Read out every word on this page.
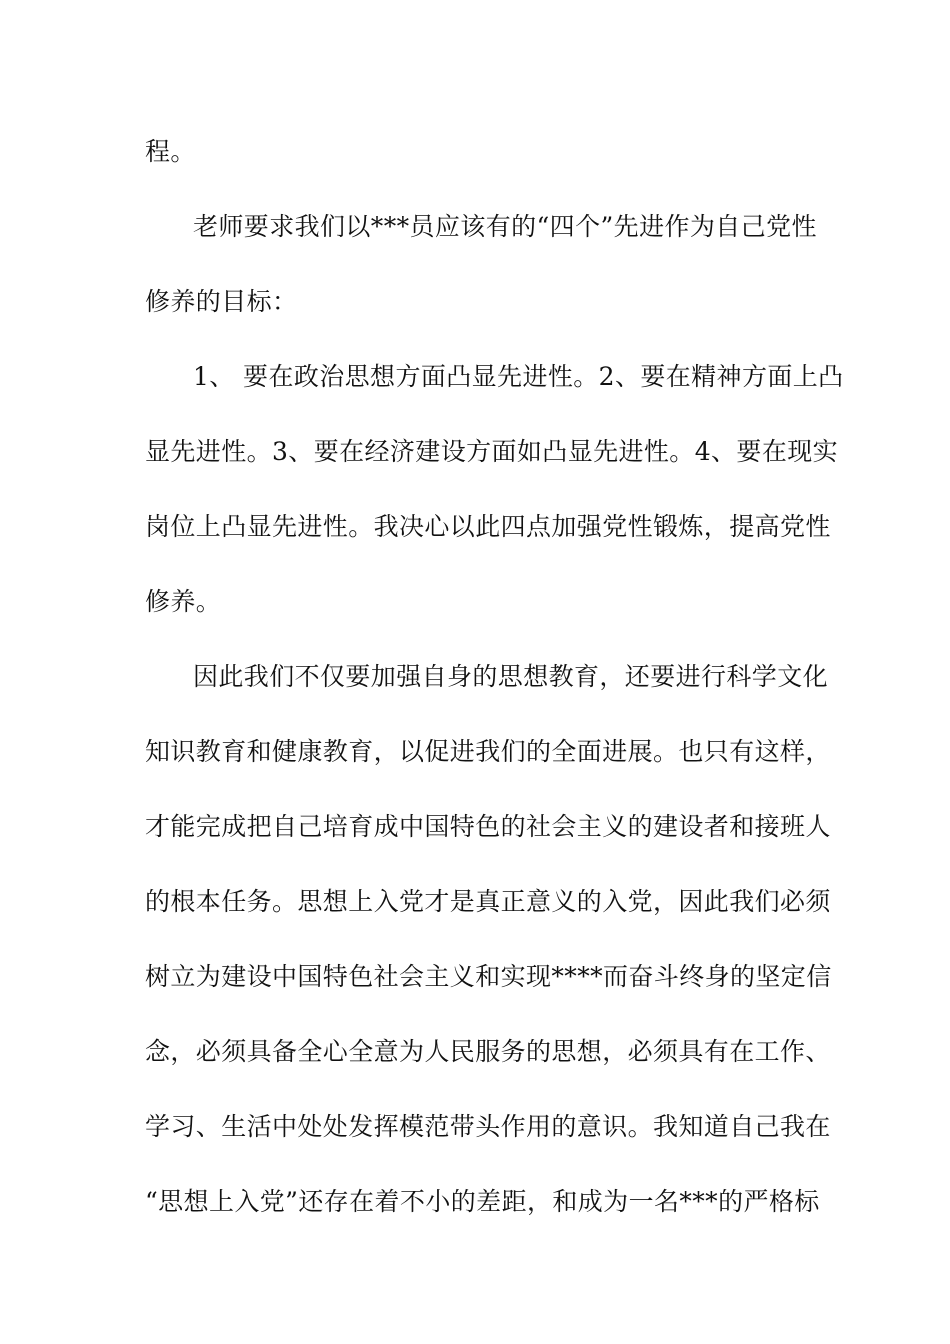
程。
老师要求我们以***员应该有的“四个”先进作为自己党性
修养的目标：
1、 要在政治思想方面凸显先进性。2、要在精神方面上凸
显先进性。3、要在经济建设方面如凸显先进性。4、要在现实
岗位上凸显先进性。我决心以此四点加强党性锻炼，提高党性
修养。
因此我们不仅要加强自身的思想教育，还要进行科学文化
知识教育和健康教育，以促进我们的全面进展。也只有这样，
才能完成把自己培育成中国特色的社会主义的建设者和接班人
的根本任务。思想上入党才是真正意义的入党，因此我们必须
树立为建设中国特色社会主义和实现****而奋斗终身的坚定信
念，必须具备全心全意为人民服务的思想，必须具有在工作、
学习、生活中处处发挥模范带头作用的意识。我知道自己我在
“思想上入党”还存在着不小的差距，和成为一名***的严格标
